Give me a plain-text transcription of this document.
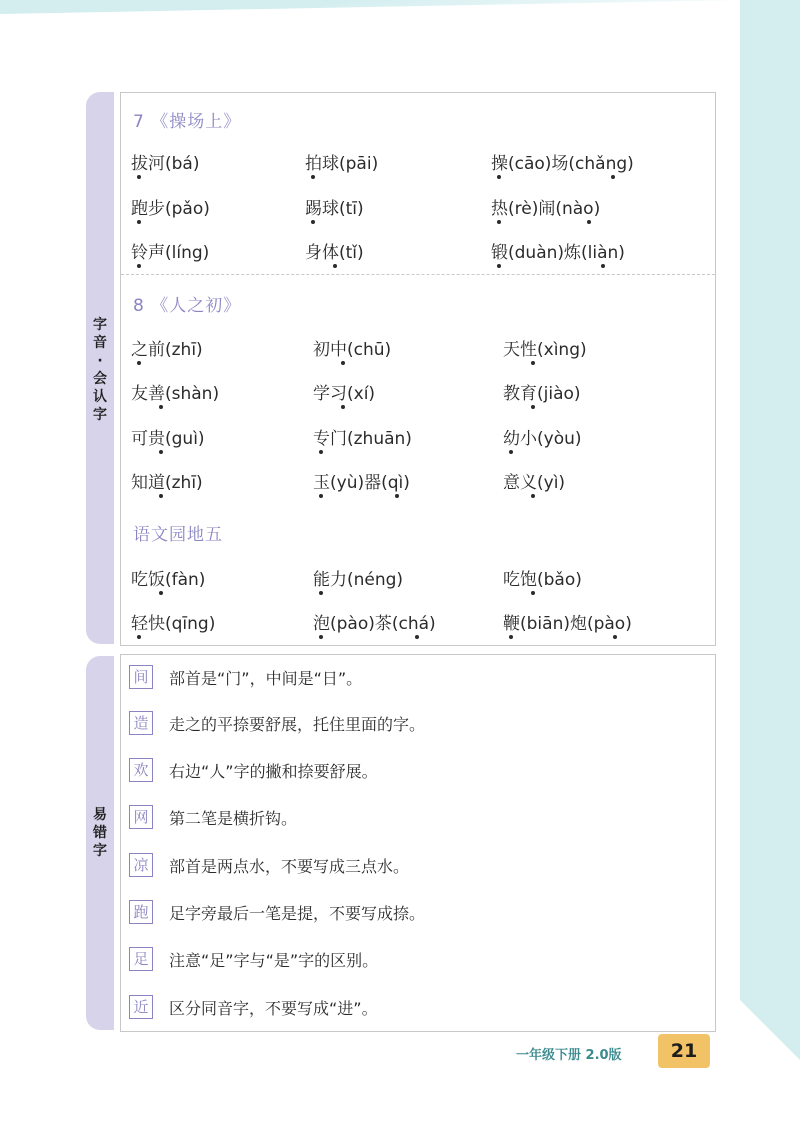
字
音
·
会
认
字
7 《操场上》
拔河(bá)	拍球(pāi)	操(cāo)场(chǎng)
跑步(pǎo)	踢球(tī)	热(rè)闹(nào)
铃声(líng)	身体(tǐ)	锻(duàn)炼(liàn)
8 《人之初》
之前(zhī)	初中(chū)	天性(xìng)
友善(shàn)	学习(xí)	教育(jiào)
可贵(guì)	专门(zhuān)	幼小(yòu)
知道(zhī)	玉(yù)器(qì)	意义(yì)
语文园地五
吃饭(fàn)	能力(néng)	吃饱(bǎo)
轻快(qīng)	泡(pào)茶(chá)	鞭(biān)炮(pào)
易
错
字
间 部首是“门”，中间是“日”。
造 走之的平捺要舒展，托住里面的字。
欢 右边“人”字的撇和捺要舒展。
网 第二笔是横折钩。
凉 部首是两点水，不要写成三点水。
跑 足字旁最后一笔是提，不要写成捺。
足 注意“足”字与“是”字的区别。
近 区分同音字，不要写成“进”。
一年级下册 2.0版	21
